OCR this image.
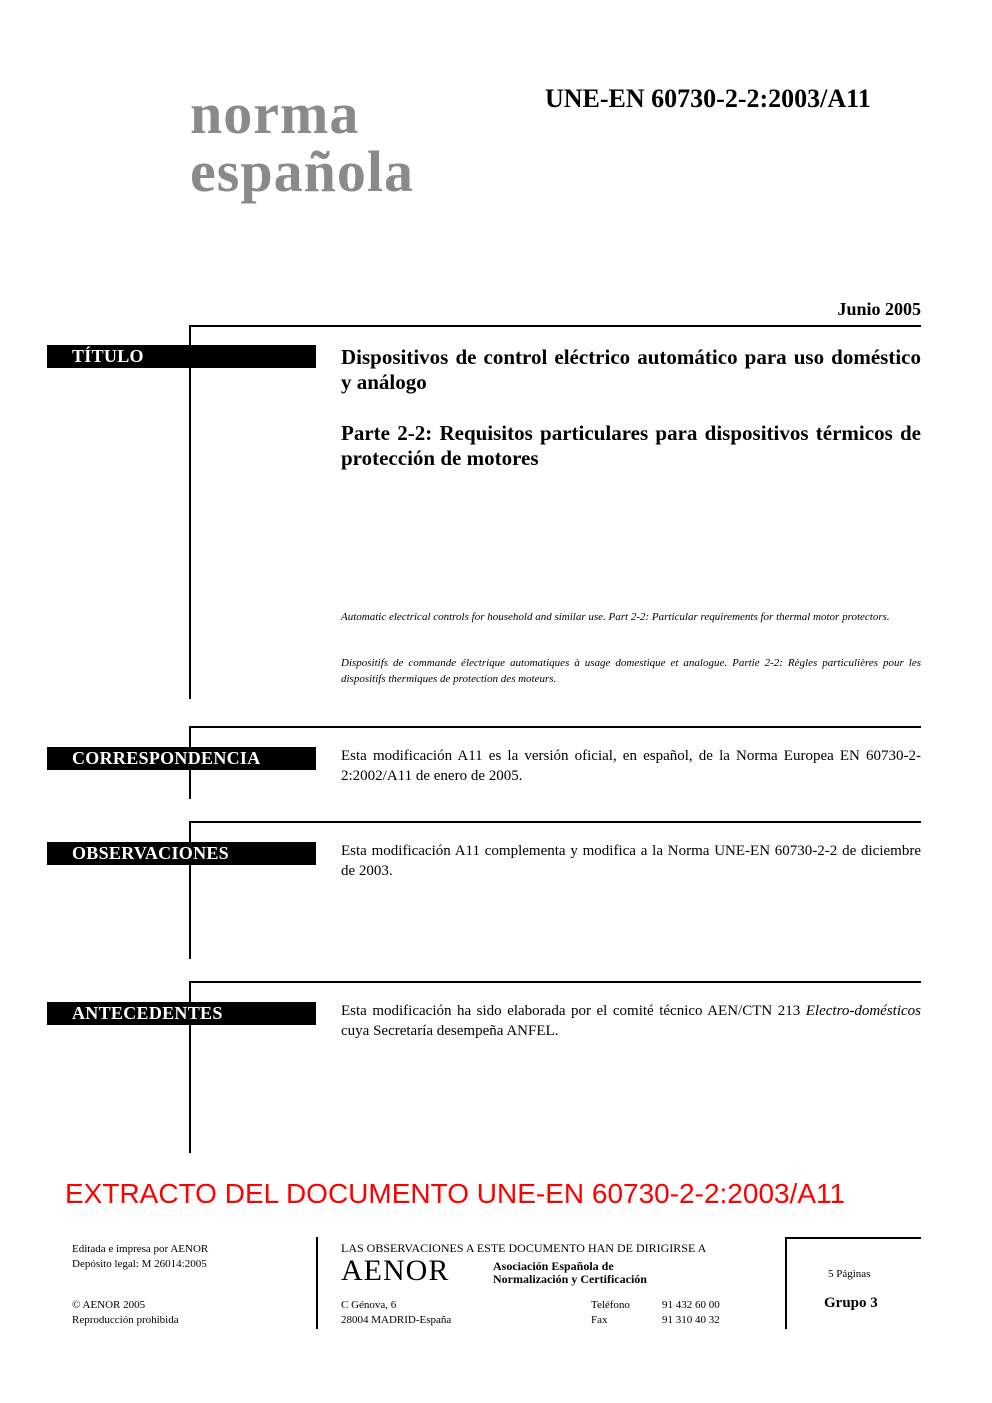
norma
española
UNE-EN 60730-2-2:2003/A11
Junio 2005
TÍTULO	Dispositivos de control eléctrico automático para uso doméstico y análogo
Parte 2-2: Requisitos particulares para dispositivos térmicos de protección de motores
Automatic electrical controls for household and similar use. Part 2-2: Particular requirements for thermal motor protectors.
Dispositifs de commande électrique automatiques à usage domestique et analogue. Partie 2-2: Règles particulières pour les dispositifs thermiques de protection des moteurs.
CORRESPONDENCIA	Esta modificación A11 es la versión oficial, en español, de la Norma Europea EN 60730-2-2:2002/A11 de enero de 2005.
OBSERVACIONES	Esta modificación A11 complementa y modifica a la Norma UNE-EN 60730-2-2 de diciembre de 2003.
ANTECEDENTES	Esta modificación ha sido elaborada por el comité técnico AEN/CTN 213 Electro-domésticos cuya Secretaría desempeña ANFEL.
EXTRACTO DEL DOCUMENTO UNE-EN 60730-2-2:2003/A11
Editada e impresa por AENOR
Depósito legal: M 26014:2005
© AENOR 2005
Reproducción prohibida
LAS OBSERVACIONES A ESTE DOCUMENTO HAN DE DIRIGIRSE A
AENOR	Asociación Española de
Normalización y Certificación
C Génova, 6
28004 MADRID-España
Teléfono	91 432 60 00
Fax	91 310 40 32
5 Páginas
Grupo 3
